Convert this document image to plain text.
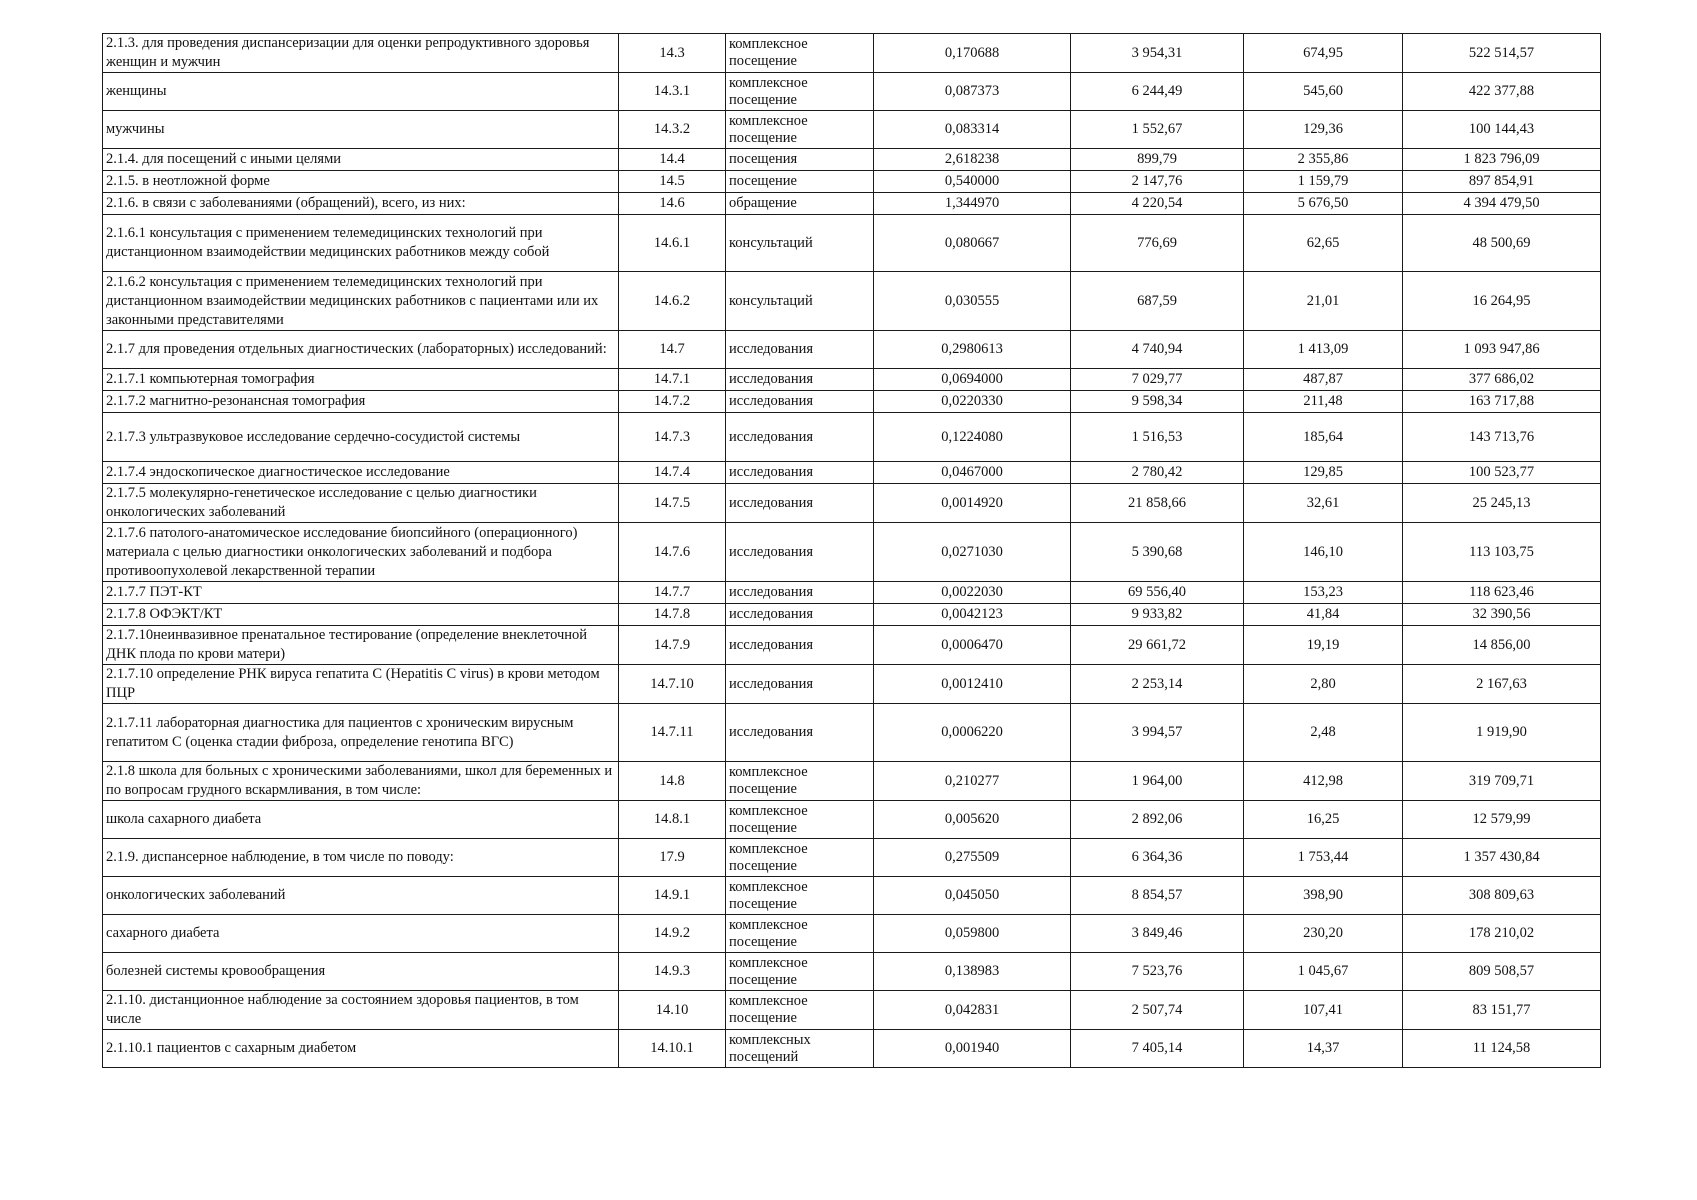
2.1.3. для проведения диспансеризации для оценки репродуктивного здоровья женщин и мужчин	14.3	комплексное посещение	0,170688	3 954,31	674,95	522 514,57
женщины	14.3.1	комплексное посещение	0,087373	6 244,49	545,60	422 377,88
мужчины	14.3.2	комплексное посещение	0,083314	1 552,67	129,36	100 144,43
2.1.4. для посещений с иными целями	14.4	посещения	2,618238	899,79	2 355,86	1 823 796,09
2.1.5. в неотложной форме	14.5	посещение	0,540000	2 147,76	1 159,79	897 854,91
2.1.6. в связи с заболеваниями (обращений), всего, из них:	14.6	обращение	1,344970	4 220,54	5 676,50	4 394 479,50
2.1.6.1 консультация с применением телемедицинских технологий при дистанционном взаимодействии медицинских работников между собой	14.6.1	консультаций	0,080667	776,69	62,65	48 500,69
2.1.6.2 консультация с применением телемедицинских технологий при дистанционном взаимодействии медицинских работников с пациентами или их законными представителями	14.6.2	консультаций	0,030555	687,59	21,01	16 264,95
2.1.7 для проведения отдельных диагностических (лабораторных) исследований:	14.7	исследования	0,2980613	4 740,94	1 413,09	1 093 947,86
2.1.7.1 компьютерная томография	14.7.1	исследования	0,0694000	7 029,77	487,87	377 686,02
2.1.7.2 магнитно-резонансная томография	14.7.2	исследования	0,0220330	9 598,34	211,48	163 717,88
2.1.7.3 ультразвуковое исследование сердечно-сосудистой системы	14.7.3	исследования	0,1224080	1 516,53	185,64	143 713,76
2.1.7.4 эндоскопическое диагностическое исследование	14.7.4	исследования	0,0467000	2 780,42	129,85	100 523,77
2.1.7.5 молекулярно-генетическое исследование с целью диагностики онкологических заболеваний	14.7.5	исследования	0,0014920	21 858,66	32,61	25 245,13
2.1.7.6 патолого-анатомическое исследование биопсийного (операционного) материала с целью диагностики онкологических заболеваний и подбора противоопухолевой лекарственной терапии	14.7.6	исследования	0,0271030	5 390,68	146,10	113 103,75
2.1.7.7 ПЭТ-КТ	14.7.7	исследования	0,0022030	69 556,40	153,23	118 623,46
2.1.7.8 ОФЭКТ/КТ	14.7.8	исследования	0,0042123	9 933,82	41,84	32 390,56
2.1.7.10неинвазивное пренатальное тестирование (определение внеклеточной ДНК плода по крови матери)	14.7.9	исследования	0,0006470	29 661,72	19,19	14 856,00
2.1.7.10 определение РНК вируса гепатита С (Hepatitis C virus) в крови методом ПЦР	14.7.10	исследования	0,0012410	2 253,14	2,80	2 167,63
2.1.7.11 лабораторная диагностика для пациентов с хроническим вирусным гепатитом С (оценка стадии фиброза, определение генотипа ВГС)	14.7.11	исследования	0,0006220	3 994,57	2,48	1 919,90
2.1.8 школа для больных с хроническими заболеваниями, школ для беременных и по вопросам грудного вскармливания, в том числе:	14.8	комплексное посещение	0,210277	1 964,00	412,98	319 709,71
школа сахарного диабета	14.8.1	комплексное посещение	0,005620	2 892,06	16,25	12 579,99
2.1.9. диспансерное наблюдение, в том числе по поводу:	17.9	комплексное посещение	0,275509	6 364,36	1 753,44	1 357 430,84
онкологических заболеваний	14.9.1	комплексное посещение	0,045050	8 854,57	398,90	308 809,63
сахарного диабета	14.9.2	комплексное посещение	0,059800	3 849,46	230,20	178 210,02
болезней системы кровообращения	14.9.3	комплексное посещение	0,138983	7 523,76	1 045,67	809 508,57
2.1.10. дистанционное наблюдение за состоянием здоровья пациентов, в том числе	14.10	комплексное посещение	0,042831	2 507,74	107,41	83 151,77
2.1.10.1 пациентов с сахарным диабетом	14.10.1	комплексных посещений	0,001940	7 405,14	14,37	11 124,58
